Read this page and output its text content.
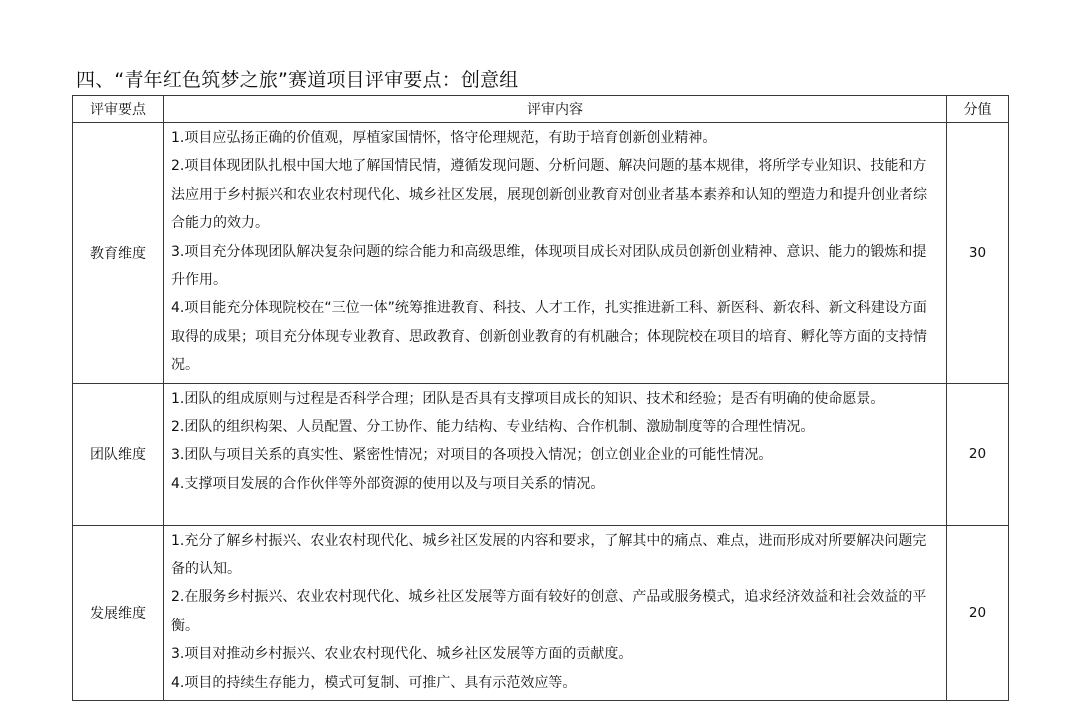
四、“青年红色筑梦之旅”赛道项目评审要点：创意组
评审要点	评审内容	分值
教育维度	1.项目应弘扬正确的价值观，厚植家国情怀，恪守伦理规范，有助于培育创新创业精神。

2.项目体现团队扎根中国大地了解国情民情，遵循发现问题、分析问题、解决问题的基本规律，将所学专业知识、技能和方法应用于乡村振兴和农业农村现代化、城乡社区发展，展现创新创业教育对创业者基本素养和认知的塑造力和提升创业者综合能力的效力。

3.项目充分体现团队解决复杂问题的综合能力和高级思维，体现项目成长对团队成员创新创业精神、意识、能力的锻炼和提升作用。

4.项目能充分体现院校在“三位一体”统筹推进教育、科技、人才工作，扎实推进新工科、新医科、新农科、新文科建设方面取得的成果；项目充分体现专业教育、思政教育、创新创业教育的有机融合；体现院校在项目的培育、孵化等方面的支持情况。	30
团队维度	1.团队的组成原则与过程是否科学合理；团队是否具有支撑项目成长的知识、技术和经验；是否有明确的使命愿景。

2.团队的组织构架、人员配置、分工协作、能力结构、专业结构、合作机制、激励制度等的合理性情况。

3.团队与项目关系的真实性、紧密性情况；对项目的各项投入情况；创立创业企业的可能性情况。

4.支撑项目发展的合作伙伴等外部资源的使用以及与项目关系的情况。	20
发展维度	1.充分了解乡村振兴、农业农村现代化、城乡社区发展的内容和要求，了解其中的痛点、难点，进而形成对所要解决问题完备的认知。

2.在服务乡村振兴、农业农村现代化、城乡社区发展等方面有较好的创意、产品或服务模式，追求经济效益和社会效益的平衡。

3.项目对推动乡村振兴、农业农村现代化、城乡社区发展等方面的贡献度。

4.项目的持续生存能力，模式可复制、可推广、具有示范效应等。	20
